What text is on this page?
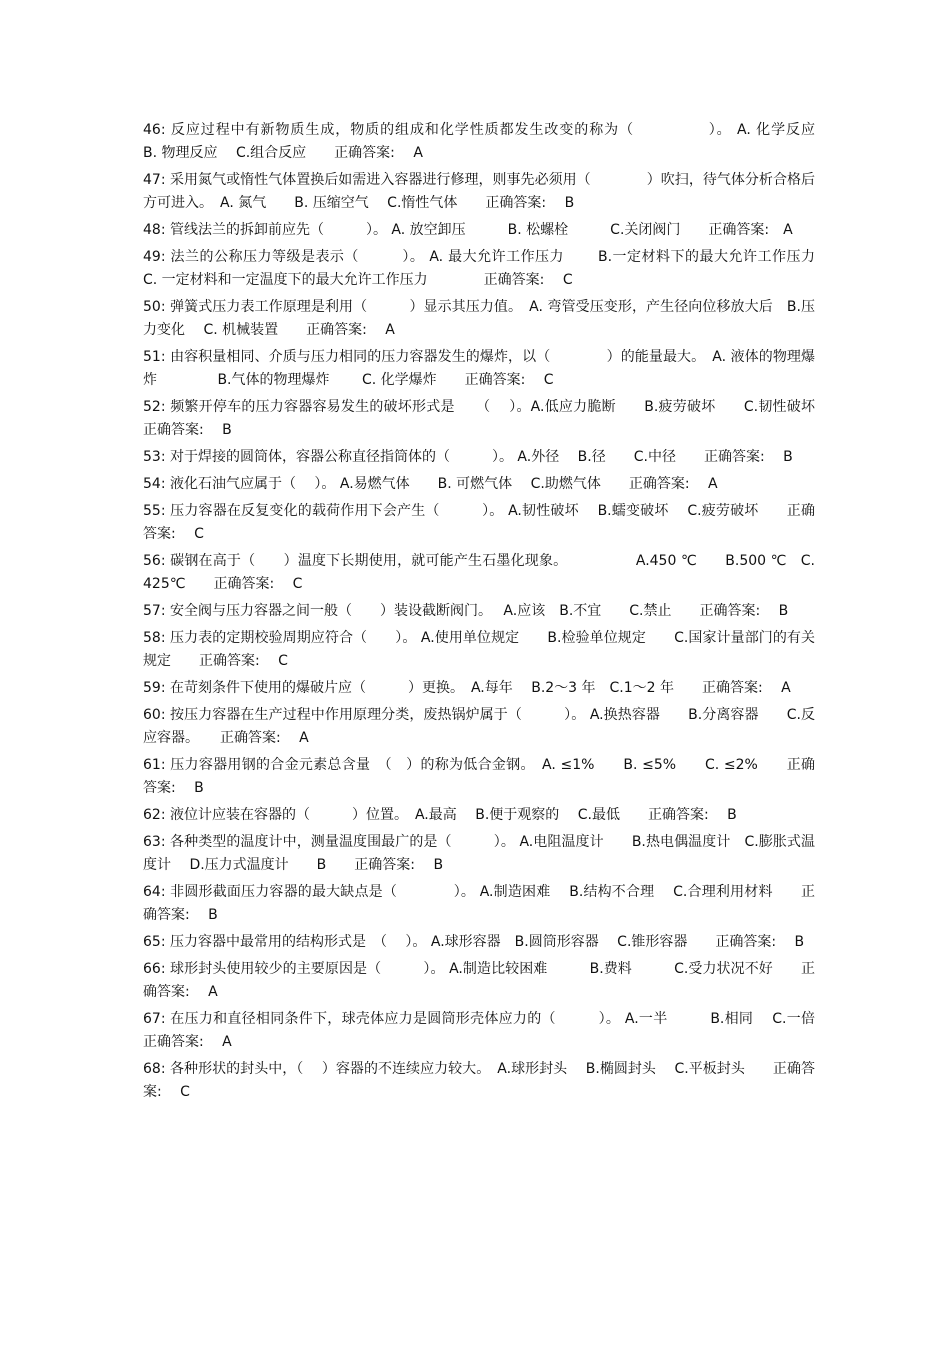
46: 反应过程中有新物质生成，物质的组成和化学性质都发生改变的称为（　　　　　）。 A. 化学反应　　 B. 物理反应　 C.组合反应　　正确答案:　 A
47: 采用氮气或惰性气体置换后如需进入容器进行修理，则事先必须用（　　　　）吹扫，待气体分析合格后方可进入。　A. 氮气　　B. 压缩空气　 C.惰性气体　　正确答案:　 B
48: 管线法兰的拆卸前应先（　　　）。 A. 放空卸压　　　B. 松螺栓　　　C.关闭阀门　　正确答案:　A
49: 法兰的公称压力等级是表示（　　　）。 A. 最大允许工作压力　　 B.一定材料下的最大允许工作压力　C. 一定材料和一定温度下的最大允许工作压力　　　　正确答案:　 C
50: 弹簧式压力表工作原理是利用（　　　）显示其压力值。　A. 弯管受压变形，产生径向位移放大后　B.压力变化　 C. 机械装置　　正确答案:　 A
51: 由容积量相同、介质与压力相同的压力容器发生的爆炸，以（　　　　）的能量最大。　A. 液体的物理爆炸　　　　 B.气体的物理爆炸　　 C. 化学爆炸　　正确答案:　 C
52: 频繁开停车的压力容器容易发生的破坏形式是　　（　 ）。A.低应力脆断　　B.疲劳破坏　　C.韧性破坏　　正确答案:　 B
53: 对于焊接的圆筒体，容器公称直径指筒体的（　　　）。 A.外径　 B.径　　C.中径　　正确答案:　 B
54: 液化石油气应属于（　 ）。 A.易燃气体　　B. 可燃气体　 C.助燃气体　　正确答案:　 A
55: 压力容器在反复变化的载荷作用下会产生（　　　）。 A.韧性破坏　 B.蠕变破坏　 C.疲劳破坏　　正确答案:　 C
56: 碳钢在高于（　　）温度下长期使用，就可能产生石墨化现象。　　　　　 A.450 ℃　　B.500 ℃　C.425℃　　正确答案:　 C
57: 安全阀与压力容器之间一般（　　）装设截断阀门。　 A.应该　B.不宜　　C.禁止　　正确答案:　 B
58: 压力表的定期校验周期应符合（　　）。 A.使用单位规定　　B.检验单位规定　　C.国家计量部门的有关规定　　正确答案:　 C
59: 在苛刻条件下使用的爆破片应（　　　）更换。　A.每年　 B.2～3 年　C.1～2 年　　正确答案:　 A
60: 按压力容器在生产过程中作用原理分类，废热锅炉属于（　　　）。 A.换热容器　　B.分离容器　　C.反应容器。　　正确答案:　 A
61: 压力容器用钢的合金元素总含量　（　）的称为低合金钢。　A. ≤1%　　B. ≤5%　　C. ≤2%　　正确答案:　 B
62: 液位计应装在容器的（　　　）位置。　A.最高　 B.便于观察的　 C.最低　　正确答案:　 B
63: 各种类型的温度计中，测量温度围最广的是（　　　）。 A.电阻温度计　　B.热电偶温度计　C.膨胀式温度计　 D.压力式温度计　　B　　正确答案:　 B
64: 非圆形截面压力容器的最大缺点是（　　　　）。 A.制造困难　 B.结构不合理　 C.合理利用材料　　正确答案:　 B
65: 压力容器中最常用的结构形式是　（　 ）。 A.球形容器　B.圆筒形容器　 C.锥形容器　　正确答案:　 B
66: 球形封头使用较少的主要原因是（　　　）。 A.制造比较困难　　　B.费料　　　C.受力状况不好　　正确答案:　 A
67: 在压力和直径相同条件下，球壳体应力是圆筒形壳体应力的（　　　）。 A.一半　　　B.相同　 C.一倍　　正确答案:　 A
68: 各种形状的封头中，（　 ）容器的不连续应力较大。　A.球形封头　 B.椭圆封头　 C.平板封头　　正确答案:　 C
